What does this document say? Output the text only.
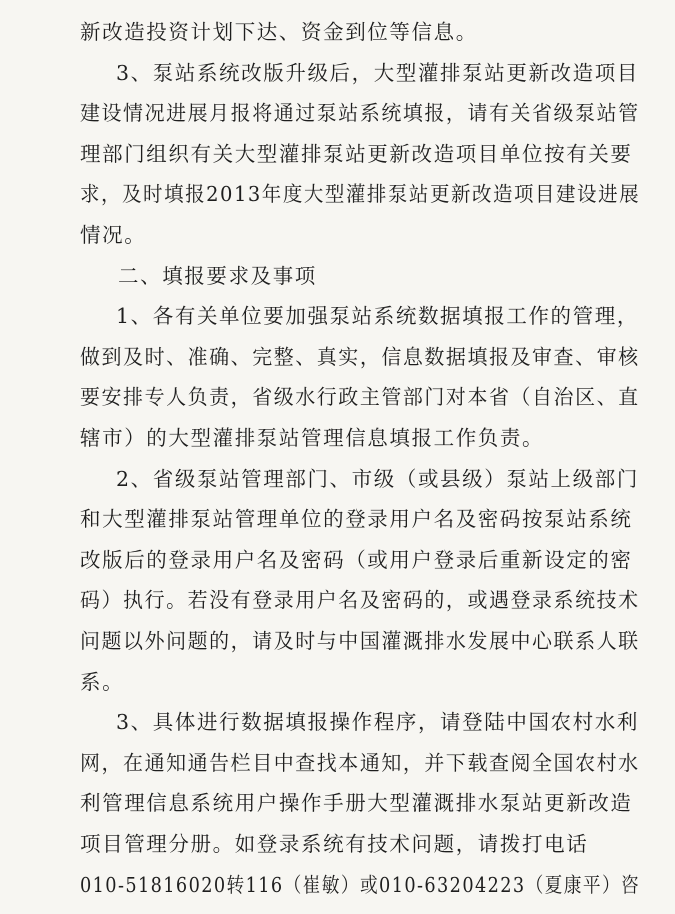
新改造投资计划下达、资金到位等信息。
3、泵站系统改版升级后，大型灌排泵站更新改造项目
建设情况进展月报将通过泵站系统填报，请有关省级泵站管
理部门组织有关大型灌排泵站更新改造项目单位按有关要
求，及时填报2013年度大型灌排泵站更新改造项目建设进展
情况。
二、填报要求及事项
1、各有关单位要加强泵站系统数据填报工作的管理，
做到及时、准确、完整、真实，信息数据填报及审查、审核
要安排专人负责，省级水行政主管部门对本省（自治区、直
辖市）的大型灌排泵站管理信息填报工作负责。
2、省级泵站管理部门、市级（或县级）泵站上级部门
和大型灌排泵站管理单位的登录用户名及密码按泵站系统
改版后的登录用户名及密码（或用户登录后重新设定的密
码）执行。若没有登录用户名及密码的，或遇登录系统技术
问题以外问题的，请及时与中国灌溉排水发展中心联系人联
系。
3、具体进行数据填报操作程序，请登陆中国农村水利
网，在通知通告栏目中查找本通知，并下载查阅全国农村水
利管理信息系统用户操作手册大型灌溉排水泵站更新改造
项目管理分册。如登录系统有技术问题，请拨打电话
010-51816020转116（崔敏）或010-63204223（夏康平）咨
